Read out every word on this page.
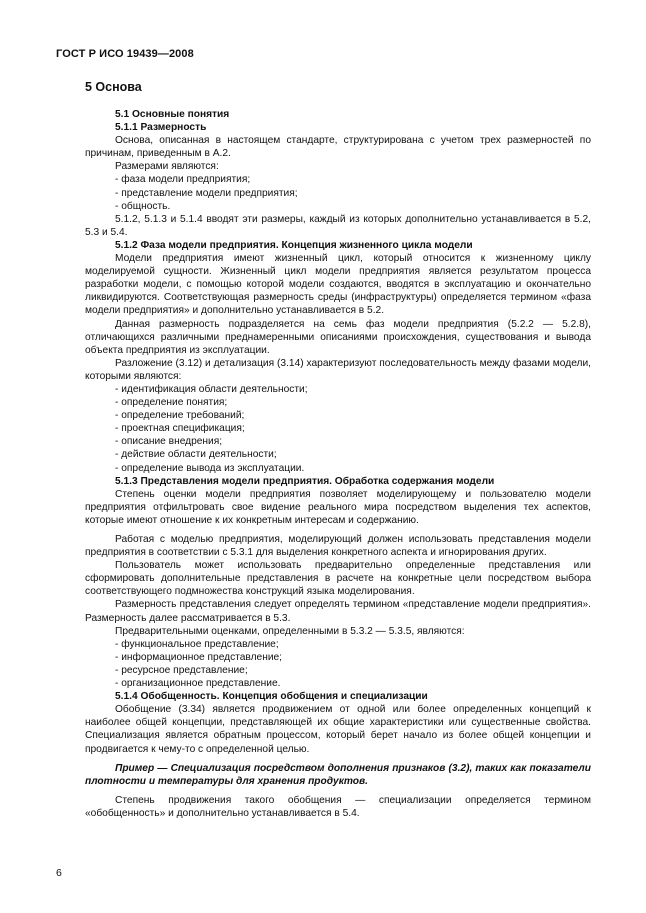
ГОСТ Р ИСО 19439—2008
5 Основа

5.1 Основные понятия

5.1.1 Размерность

Основа, описанная в настоящем стандарте, структурирована с учетом трех размерностей по причинам, приведенным в А.2.

Размерами являются:

- фаза модели предприятия;

- представление модели предприятия;

- общность.

5.1.2, 5.1.3 и 5.1.4 вводят эти размеры, каждый из которых дополнительно устанавливается в 5.2, 5.3 и 5.4.

5.1.2 Фаза модели предприятия. Концепция жизненного цикла модели

Модели предприятия имеют жизненный цикл, который относится к жизненному циклу моделируемой сущности. Жизненный цикл модели предприятия является результатом процесса разработки модели, с помощью которой модели создаются, вводятся в эксплуатацию и окончательно ликвидируются. Соответствующая размерность среды (инфраструктуры) определяется термином «фаза модели предприятия» и дополнительно устанавливается в 5.2.

Данная размерность подразделяется на семь фаз модели предприятия (5.2.2 — 5.2.8), отличающихся различными преднамеренными описаниями происхождения, существования и вывода объекта предприятия из эксплуатации.

Разложение (3.12) и детализация (3.14) характеризуют последовательность между фазами модели, которыми являются:

- идентификация области деятельности;

- определение понятия;

- определение требований;

- проектная спецификация;

- описание внедрения;

- действие области деятельности;

- определение вывода из эксплуатации.

5.1.3 Представления модели предприятия. Обработка содержания модели

Степень оценки модели предприятия позволяет моделирующему и пользователю модели предприятия отфильтровать свое видение реального мира посредством выделения тех аспектов, которые имеют отношение к их конкретным интересам и содержанию.

Работая с моделью предприятия, моделирующий должен использовать представления модели предприятия в соответствии с 5.3.1 для выделения конкретного аспекта и игнорирования других.

Пользователь может использовать предварительно определенные представления или сформировать дополнительные представления в расчете на конкретные цели посредством выбора соответствующего подмножества конструкций языка моделирования.

Размерность представления следует определять термином «представление модели предприятия». Размерность далее рассматривается в 5.3.

Предварительными оценками, определенными в 5.3.2 — 5.3.5, являются:

- функциональное представление;

- информационное представление;

- ресурсное представление;

- организационное представление.

5.1.4 Обобщенность. Концепция обобщения и специализации

Обобщение (3.34) является продвижением от одной или более определенных концепций к наиболее общей концепции, представляющей их общие характеристики или существенные свойства. Специализация является обратным процессом, который берет начало из более общей концепции и продвигается к чему-то с определенной целью.

Пример — Специализация посредством дополнения признаков (3.2), таких как показатели плотности и температуры для хранения продуктов.

Степень продвижения такого обобщения — специализации определяется термином «обобщенность» и дополнительно устанавливается в 5.4.

6
